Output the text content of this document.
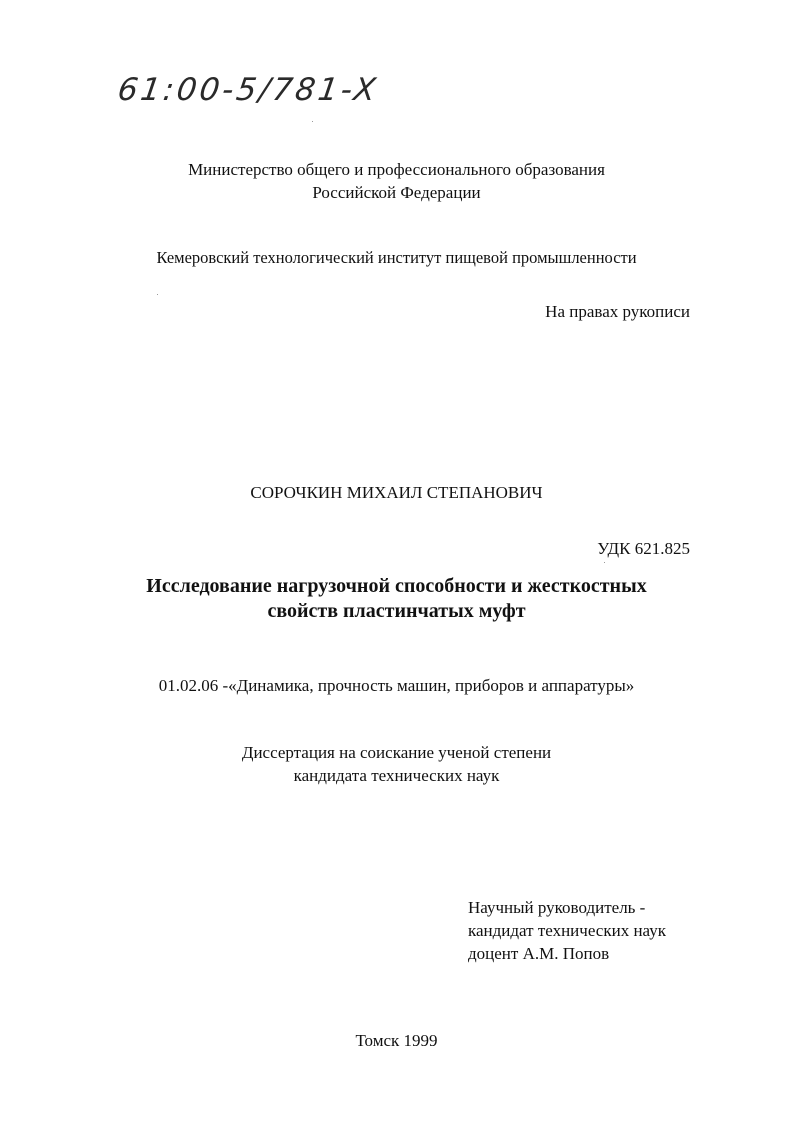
61:00-5/781-X
Министерство общего и профессионального образования
Российской Федерации
Кемеровский технологический институт пищевой промышленности
На правах рукописи
СОРОЧКИН МИХАИЛ СТЕПАНОВИЧ
УДК 621.825
Исследование нагрузочной способности и жесткостных
свойств пластинчатых муфт
01.02.06 -«Динамика, прочность машин, приборов и аппаратуры»
Диссертация на соискание ученой степени
кандидата технических наук
Научный руководитель -
кандидат технических наук
доцент А.М. Попов
Томск 1999
